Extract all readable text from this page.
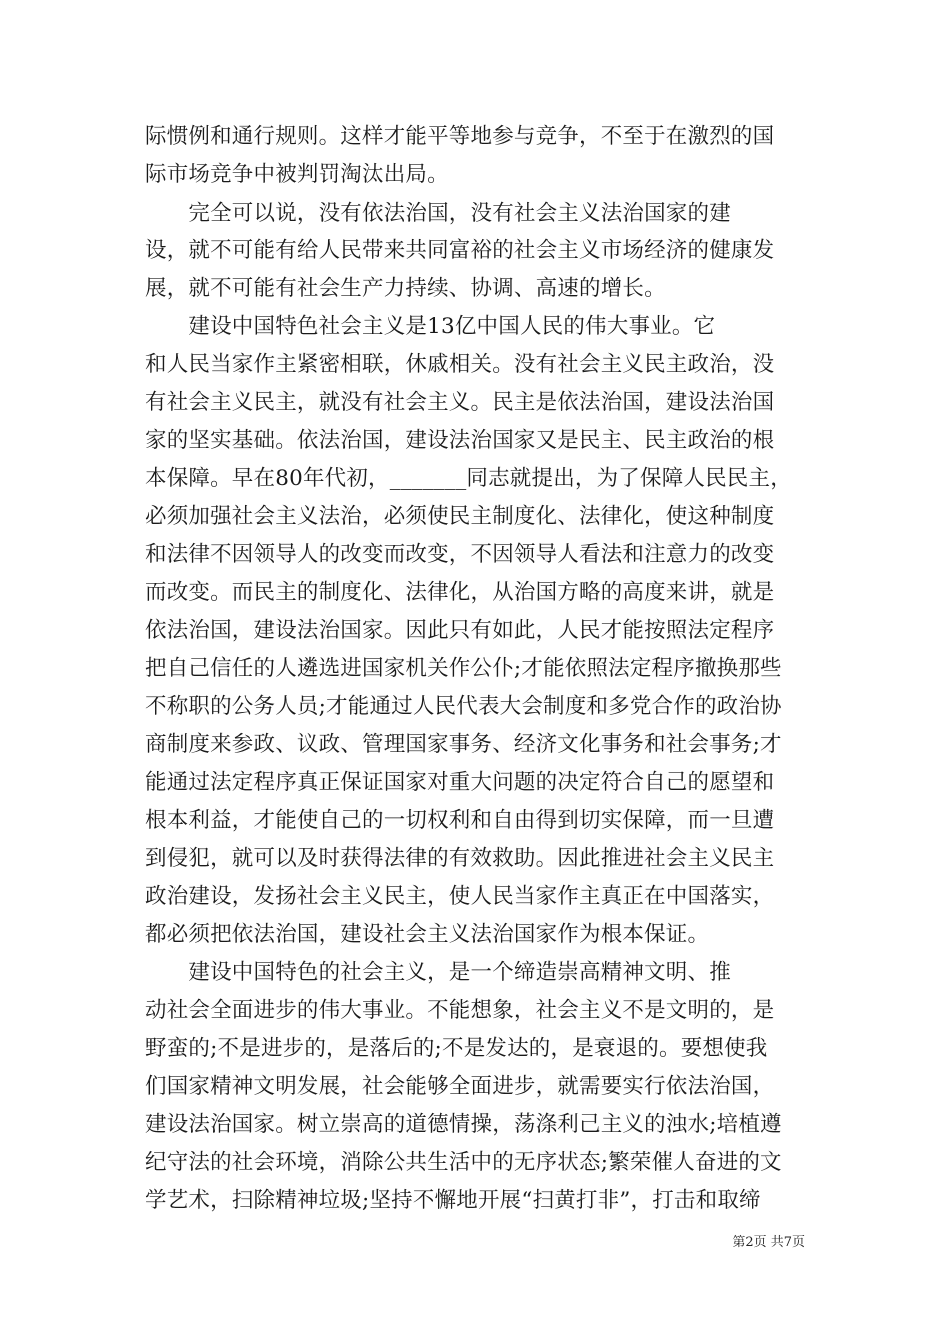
际惯例和通行规则。这样才能平等地参与竞争，不至于在激烈的国
际市场竞争中被判罚淘汰出局。
　　完全可以说，没有依法治国，没有社会主义法治国家的建
设，就不可能有给人民带来共同富裕的社会主义市场经济的健康发
展，就不可能有社会生产力持续、协调、高速的增长。
　　建设中国特色社会主义是13亿中国人民的伟大事业。它
和人民当家作主紧密相联，休戚相关。没有社会主义民主政治，没
有社会主义民主，就没有社会主义。民主是依法治国，建设法治国
家的坚实基础。依法治国，建设法治国家又是民主、民主政治的根
本保障。早在80年代初，_______同志就提出，为了保障人民民主，
必须加强社会主义法治，必须使民主制度化、法律化，使这种制度
和法律不因领导人的改变而改变，不因领导人看法和注意力的改变
而改变。而民主的制度化、法律化，从治国方略的高度来讲，就是
依法治国，建设法治国家。因此只有如此，人民才能按照法定程序
把自己信任的人遴选进国家机关作公仆;才能依照法定程序撤换那些
不称职的公务人员;才能通过人民代表大会制度和多党合作的政治协
商制度来参政、议政、管理国家事务、经济文化事务和社会事务;才
能通过法定程序真正保证国家对重大问题的决定符合自己的愿望和
根本利益，才能使自己的一切权利和自由得到切实保障，而一旦遭
到侵犯，就可以及时获得法律的有效救助。因此推进社会主义民主
政治建设，发扬社会主义民主，使人民当家作主真正在中国落实，
都必须把依法治国，建设社会主义法治国家作为根本保证。
　　建设中国特色的社会主义，是一个缔造崇高精神文明、推
动社会全面进步的伟大事业。不能想象，社会主义不是文明的，是
野蛮的;不是进步的，是落后的;不是发达的，是衰退的。要想使我
们国家精神文明发展，社会能够全面进步，就需要实行依法治国，
建设法治国家。树立崇高的道德情操，荡涤利己主义的浊水;培植遵
纪守法的社会环境，消除公共生活中的无序状态;繁荣催人奋进的文
学艺术，扫除精神垃圾;坚持不懈地开展“扫黄打非”，打击和取缔
第2页 共7页
